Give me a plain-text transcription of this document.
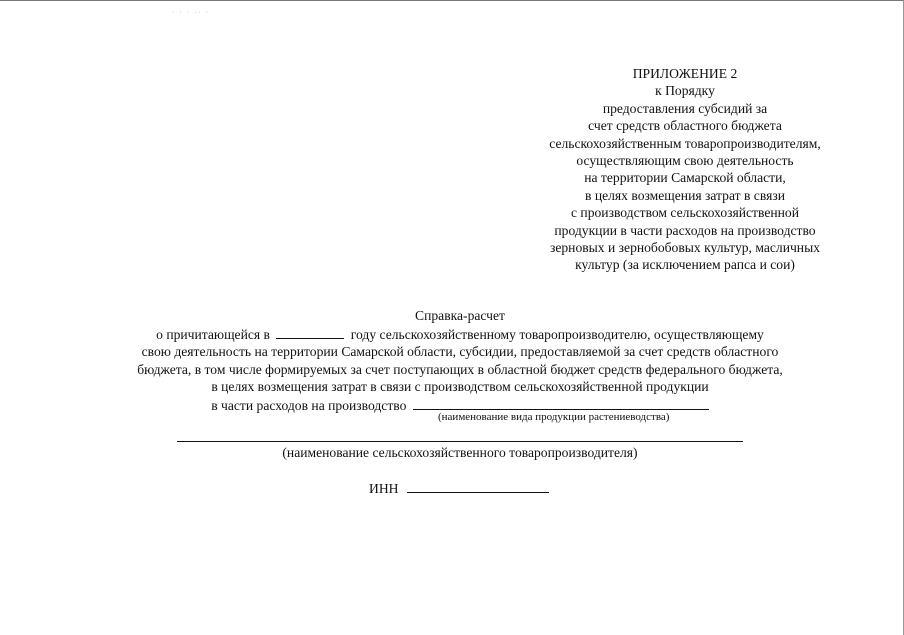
· · · ·· ·
ПРИЛОЖЕНИЕ 2
к Порядку
предоставления субсидий за
счет средств областного бюджета
сельскохозяйственным товаропроизводителям,
осуществляющим свою деятельность
на территории Самарской области,
в целях возмещения затрат в связи
с производством сельскохозяйственной
продукции в части расходов на производство
зерновых и зернобобовых культур, масличных
культур (за исключением рапса и сои)
Справка-расчет
о причитающейся в	году сельскохозяйственному товаропроизводителю, осуществляющему
свою деятельность на территории Самарской области, субсидии, предоставляемой за счет средств областного
бюджета, в том числе формируемых за счет поступающих в областной бюджет средств федерального бюджета,
в целях возмещения затрат в связи с производством сельскохозяйственной продукции
в части расходов на производство
(наименование вида продукции растениеводства)
(наименование сельскохозяйственного товаропроизводителя)
ИНН
